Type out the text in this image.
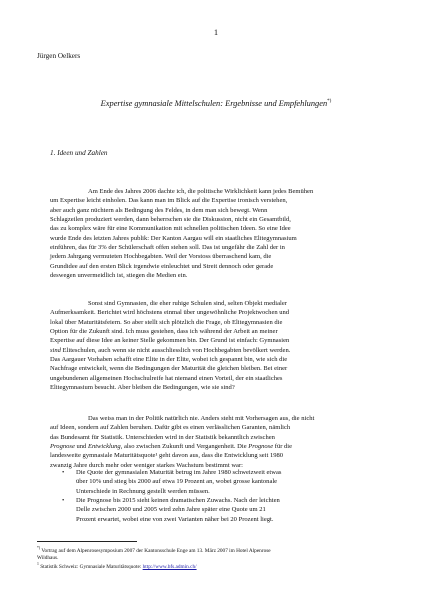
1
Jürgen Oelkers
Expertise gymnasiale Mittelschulen: Ergebnisse und Empfehlungen*)
1. Ideen und Zahlen

Am Ende des Jahres 2006 dachte ich, die politische Wirklichkeit kann jedes Bemühen
um Expertise leicht einholen. Das kann man im Blick auf die Expertise ironisch verstehen,
aber auch ganz nüchtern als Bedingung des Feldes, in dem man sich bewegt. Wenn
Schlagzeilen produziert werden, dann beherrschen sie die Diskussion, nicht ein Gesamtbild,
das zu komplex wäre für eine Kommunikation mit schnellen politischen Ideen. So eine Idee
wurde Ende des letzten Jahres publik: Der Kanton Aargau will ein staatliches Elitegymnasium
einführen, das für 3% der Schülerschaft offen stehen soll. Das ist ungefähr die Zahl der in
jedem Jahrgang vermuteten Hochbegabten. Weil der Vorstoss überraschend kam, die
Grundidee auf den ersten Blick irgendwie einleuchtet und Streit dennoch oder gerade
deswegen unvermeidlich ist, stiegen die Medien ein.

Sonst sind Gymnasien, die eher ruhige Schulen sind, selten Objekt medialer
Aufmerksamkeit. Berichtet wird höchstens einmal über ungewöhnliche Projektwochen und
lokal über Maturitätsfeiern. So aber stellt sich plötzlich die Frage, ob Elitegymnasien die
Option für die Zukunft sind. Ich muss gestehen, dass ich während der Arbeit an meiner
Expertise auf diese Idee an keiner Stelle gekommen bin. Der Grund ist einfach: Gymnasien
sind Eliteschulen, auch wenn sie nicht ausschliesslich von Hochbegabten bevölkert werden.
Das Aargauer Vorhaben schafft eine Elite in der Elite, wobei ich gespannt bin, wie sich die
Nachfrage entwickelt, wenn die Bedingungen der Maturität die gleichen bleiben. Bei einer
ungebundenen allgemeinen Hochschulreife hat niemand einen Vorteil, der ein staatliches
Elitegymnasium besucht. Aber bleiben die Bedingungen, wie sie sind?

Das weiss man in der Politik natürlich nie. Anders steht mit Vorhersagen aus, die nicht
auf Ideen, sondern auf Zahlen beruhen. Dafür gibt es einen verlässlichen Garanten, nämlich
das Bundesamt für Statistik. Unterschieden wird in der Statistik bekanntlich zwischen
Prognose und Entwicklung, also zwischen Zukunft und Vergangenheit. Die Prognose für die
landesweite gymnasiale Maturitätsquote¹ geht davon aus, dass die Entwicklung seit 1980
zwanzig Jahre durch mehr oder weniger starkes Wachstum bestimmt war:

• Die Quote der gymnasialen Maturität betrug im Jahre 1980 schweizweit etwas
über 10% und stieg bis 2000 auf etwa 19 Prozent an, wobei grosse kantonale
Unterschiede in Rechnung gestellt werden müssen.
• Die Prognose bis 2015 sieht keinen dramatischen Zuwachs. Nach der leichten
Delle zwischen 2000 und 2005 wird zehn Jahre später eine Quote um 21
Prozent erwartet, wobei eine von zwei Varianten näher bei 20 Prozent liegt.
*) Vortrag auf dem Alpenrosesymposium 2007 der Kantonsschule Enge am 13. März 2007 im Hotel Alpenrose
Wildhaus.
$^1$ Statistik Schweiz: Gymnasiale Maturitätsquote: http://www.bfs.admin.ch/
